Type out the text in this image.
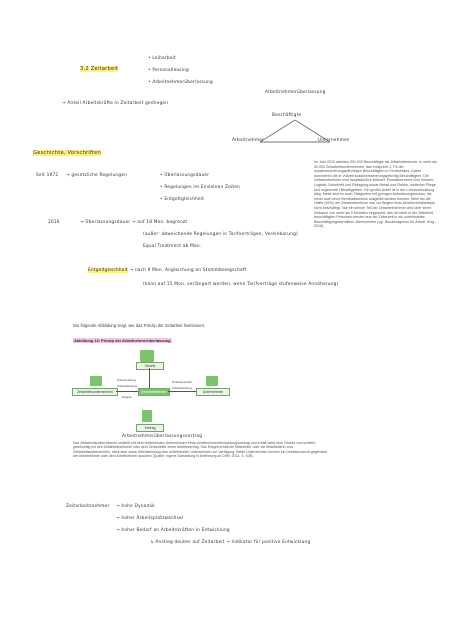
• Leiharbeit
• Personalleasing
• Arbeitnehmerüberlassung
3.2 Zeitarbeit
Arbeitnehmerüberlassung
Beschäftigte
Arbeitnehmer	Unternehmen
→ Anteil Arbeitskräfte in Zeitarbeit gestiegen
Geschichte, Vorschriften
Seit 1972 → gesetzliche Regelungen	• Überlassungsdauer
• Regelungen im Einzelnen Zeiten
• Entgeltgleichheit
2016	→ Überlassungsdauer → auf 18 Mon. begrenzt
(außer: abweichende Regelungen in Tarifverträgen, Vereinbarung)
Equal Treatment ab Mon.
Entgeltgleichheit → nach 9 Mon. Angleichung an Stammbelegschaft
(kann auf 15 Mon. verlängert werden, wenn Tarifverträge stufenweise Annäherung)
Im Jahr 2015 arbeiten 951.000 Beschäftigte als Zeitarbeitnehmer, in mehr als 50.000 Zeitarbeitsunternehmen, das entspricht 2,7% der sozialversicherungspflichtigen Beschäftigten in Deutschland. Dabei dominieren die in Vollzeit sozialversicherungspflichtig Beschäftigten. Die Zeitarbeitnehmer sind hauptsächlich Männer. Einsatzbereiche sind Verkehr, Logistik, Sicherheit und Reinigung sowie Metall und Elektro, weiterhin Pflege und ungelernte Hilfstätigkeiten. Ein großer Anteil ist in der Lohnbuchhaltung tätig. Meist sind es auch Tätigkeiten mit geringen Anforderungsniveau, die meist auch ohne Berufsabschluss ausgeübt werden können. Mehr als die Hälfte (52%) der Zeitarbeitnehmer war vor Beginn ihres Arbeitsverhältnisses nicht beschäftigt. Nur ein kleiner Teil der Zeitarbeitnehmer wird über einen Zeitraum von mehr als 9 Monaten eingesetzt; das ist meist in der Zeitarbeit beschäftigten Personen werden aus der Zeitarbeit in ein unbefristetes Beschäftigungsverhältnis übernommen (vgl. Bundesagentur für Arbeit, Hrsg., 2016).
Die folgende Abbildung zeigt, wie das Prinzip der Zeitarbeit funktioniert.
Abbildung 13: Prinzip der Arbeitnehmerüberlassung
Gesetz
Zeitarbeitsunternehmen	Zeitarbeitnehmer	Unternehmen
Vertrag
Arbeitsvertrag
Arbeitsleistung
Entgelt
Direktionsrecht
Arbeitsleistung
Arbeitnehmerüberlassungsvertrag
Das Zeitarbeitsunternehmen schließt mit dem entleihenden Unternehmen einen Arbeitnehmerüberlassungsvertrag und erhält dafür eine Gebühr und schließt gleichzeitig mit den Zeitarbeitnehmern oder dem Zeitarbeiter einen Arbeitsvertrag. Das Entgelt erhält die Mitarbeiter oder die Mitarbeiterin vom Zeitarbeitsunternehmen, steht aber seine Arbeitsleistung dem entleihenden Unternehmen zur Verfügung. Beide Unternehmen können ein Direktionsrecht gegenüber der Arbeitnehmer oder dem Arbeitnehmer ausüben (Quelle: eigene Darstellung in Anlehnung an DIHK 2012, S. 108).
Zeitarbeitsnehmer → hohe Dynamik
→ hoher Arbeitsplatzwechsel
→ hoher Bedarf an Arbeitskräften in Entwicklung
↳ Anstieg deuten auf Zeitarbeit → Indikator für positive Entwicklung
